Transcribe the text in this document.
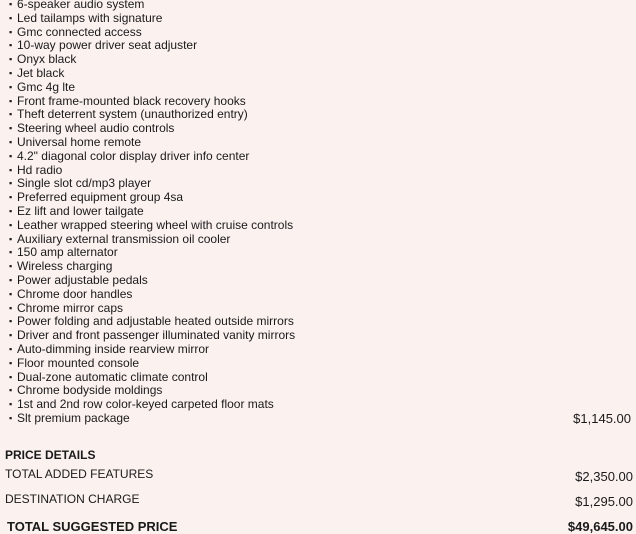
▪ 6-speaker audio system
▪ Led tailamps with signature
▪ Gmc connected access
▪ 10-way power driver seat adjuster
▪ Onyx black
▪ Jet black
▪ Gmc 4g lte
▪ Front frame-mounted black recovery hooks
▪ Theft deterrent system (unauthorized entry)
▪ Steering wheel audio controls
▪ Universal home remote
▪ 4.2" diagonal color display driver info center
▪ Hd radio
▪ Single slot cd/mp3 player
▪ Preferred equipment group 4sa
▪ Ez lift and lower tailgate
▪ Leather wrapped steering wheel with cruise controls
▪ Auxiliary external transmission oil cooler
▪ 150 amp alternator
▪ Wireless charging
▪ Power adjustable pedals
▪ Chrome door handles
▪ Chrome mirror caps
▪ Power folding and adjustable heated outside mirrors
▪ Driver and front passenger illuminated vanity mirrors
▪ Auto-dimming inside rearview mirror
▪ Floor mounted console
▪ Dual-zone automatic climate control
▪ Chrome bodyside moldings
▪ 1st and 2nd row color-keyed carpeted floor mats
▪ Slt premium package	$1,145.00
PRICE DETAILS
TOTAL ADDED FEATURES	$2,350.00
DESTINATION CHARGE	$1,295.00
TOTAL SUGGESTED PRICE	$49,645.00
